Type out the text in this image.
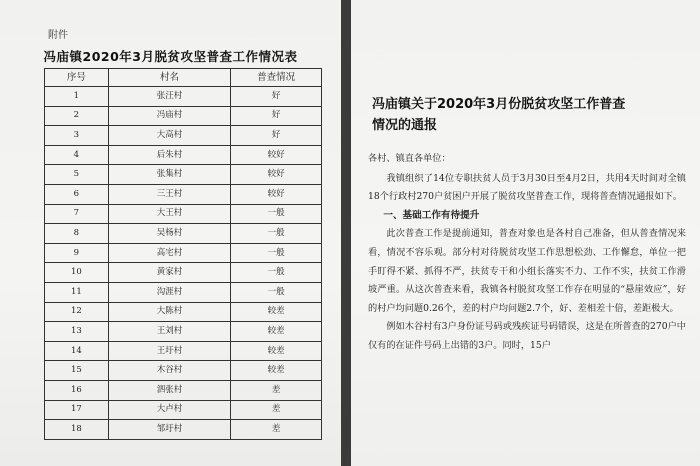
附件
冯庙镇2020年3月脱贫攻坚普查工作情况表
序号	村名	普查情况
1	张汪村	好
2	冯庙村	好
3	大高村	好
4	后朱村	较好
5	张集村	较好
6	三王村	较好
7	大王村	一般
8	吴杨村	一般
9	高宅村	一般
10	黄家村	一般
11	沟涯村	一般
12	大陈村	较差
13	王刘村	较差
14	王圩村	较差
15	木谷村	较差
16	泗张村	差
17	大卢村	差
18	邹圩村	差
冯庙镇关于2020年3月份脱贫攻坚工作普查
情况的通报

各村、镇直各单位：

我镇组织了14位专职扶贫人员于3月30日至4月2日，共用4天时间对全镇18个行政村270户贫困户开展了脱贫攻坚普查工作，现将普查情况通报如下。

一、基础工作有待提升

此次普查工作是提前通知，普查对象也是各村自己准备，但从普查情况来看，情况不容乐观。部分村对待脱贫攻坚工作思想松劲、工作懈怠，单位一把手盯得不紧、抓得不严，扶贫专干和小组长落实不力、工作不实，扶贫工作滑坡严重。从这次普查来看，我镇各村脱贫攻坚工作存在明显的“悬崖效应”，好的村户均问题0.26个，差的村户均问题2.7个，好、差相差十倍，差距极大。

例如木谷村有3户身份证号码或残疾证号码错误，这是在所普查的270户中仅有的在证件号码上出错的3户。同时，15户
